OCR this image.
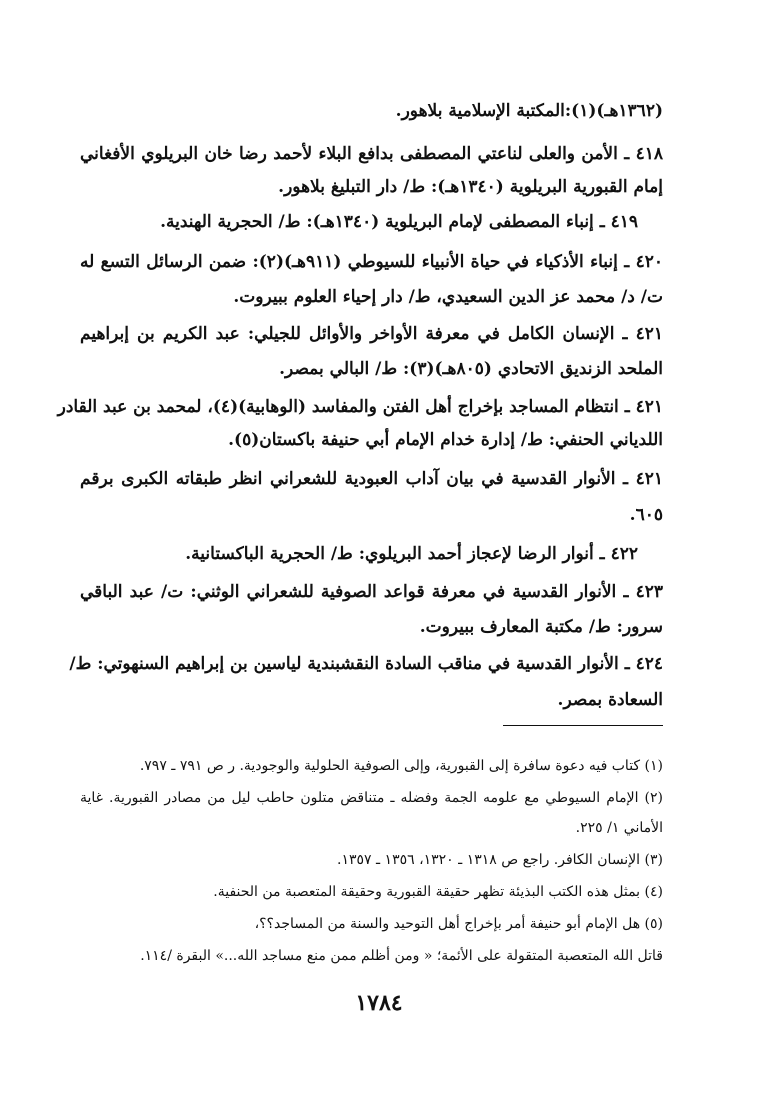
(١٣٦٢هـ)(١):المكتبة الإسلامية بلاهور.
٤١٨ ـ الأمن والعلى لناعتي المصطفى بدافع البلاء لأحمد رضا خان البريلوي الأفغاني
إمام القبورية البريلوية (١٣٤٠هـ): ط/ دار التبليغ بلاهور.
٤١٩ ـ إنباء المصطفى لإمام البريلوية (١٣٤٠هـ): ط/ الحجرية الهندية.
٤٢٠ ـ إنباء الأذكياء في حياة الأنبياء للسيوطي (٩١١هـ)(٢): ضمن الرسائل التسع له
ت/ د/ محمد عز الدين السعيدي، ط/ دار إحياء العلوم ببيروت.
٤٢١ ـ الإنسان الكامل في معرفة الأواخر والأوائل للجيلي: عبد الكريم بن إبراهيم
الملحد الزنديق الاتحادي (٨٠٥هـ)(٣): ط/ البالي بمصر.
٤٢١ ـ انتظام المساجد بإخراج أهل الفتن والمفاسد (الوهابية)(٤)، لمحمد بن عبد القادر
اللدياني الحنفي: ط/ إدارة خدام الإمام أبي حنيفة باكستان(٥).
٤٢١ ـ الأنوار القدسية في بيان آداب العبودية للشعراني انظر طبقاته الكبرى برقم
٦٠٥.
٤٢٢ ـ أنوار الرضا لإعجاز أحمد البريلوي: ط/ الحجرية الباكستانية.
٤٢٣ ـ الأنوار القدسية في معرفة قواعد الصوفية للشعراني الوثني: ت/ عبد الباقي
سرور: ط/ مكتبة المعارف ببيروت.
٤٢٤ ـ الأنوار القدسية في مناقب السادة النقشبندية لياسين بن إبراهيم السنهوتي: ط/
السعادة بمصر.
(١) كتاب فيه دعوة سافرة إلى القبورية، وإلى الصوفية الحلولية والوجودية. ر ص ٧٩١ ـ ٧٩٧.
(٢) الإمام السيوطي مع علومه الجمة وفضله ـ متناقض متلون حاطب ليل من مصادر القبورية. غاية
الأماني ١/ ٢٢٥.
(٣) الإنسان الكافر. راجع ص ١٣١٨ ـ ١٣٢٠، ١٣٥٦ ـ ١٣٥٧.
(٤) بمثل هذه الكتب البذيئة تظهر حقيقة القبورية وحقيقة المتعصبة من الحنفية.
(٥) هل الإمام أبو حنيفة أمر بإخراج أهل التوحيد والسنة من المساجد؟؟،
قاتل الله المتعصبة المتقولة على الأئمة؛ « ومن أظلم ممن منع مساجد الله...» البقرة /١١٤.
١٧٨٤
